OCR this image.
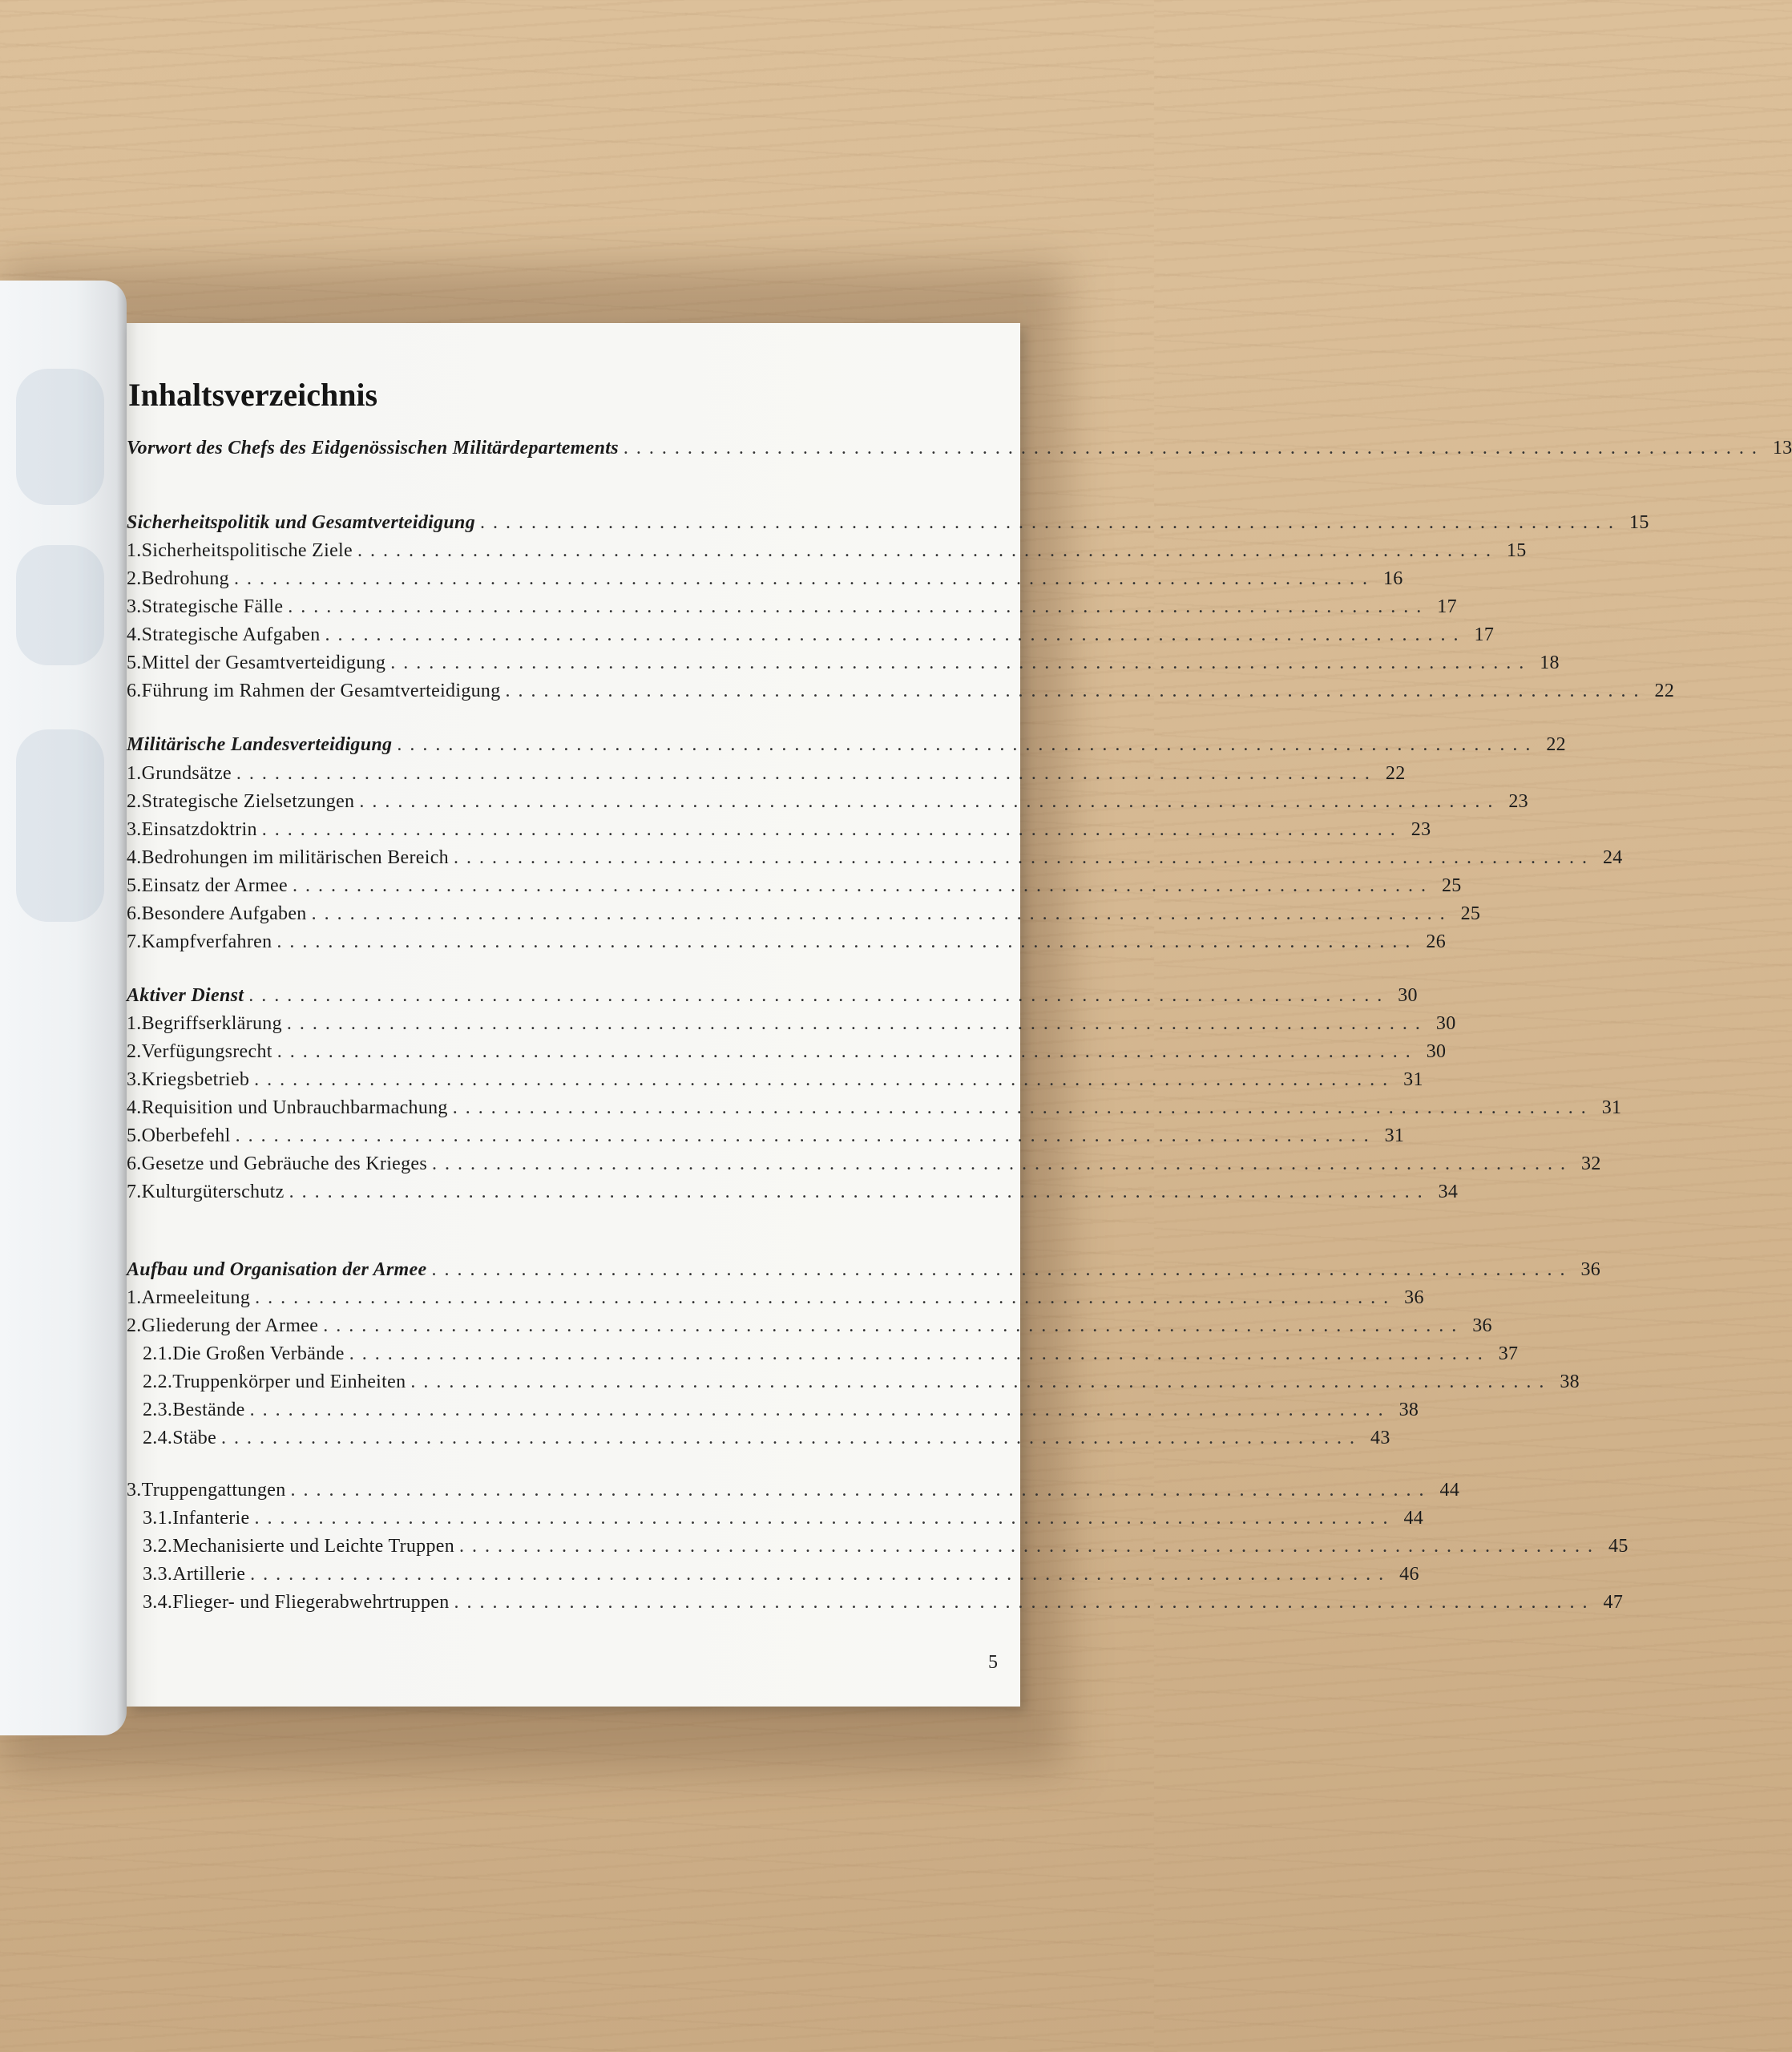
Inhaltsverzeichnis
Vorwort des Chefs des Eidgenössischen Militärdepartements . . . . . . . . . . . . . . . . . . . . . . . . . . . . . . . . . . . . . . . . . . . . . . . . . . . . . . . . . . . . . . . . . . . . . . . . . . . . . . . . . . . . . . . . . 13
Sicherheitspolitik und Gesamtverteidigung . . . . . . . . . . . . . . . . . . . . . . . . . . . . . . . . . . . . . . . . . . . . . . . . . . . . . . . . . . . . . . . . . . . . . . . . . . . . . . . . . . . . . . . . . 15
1. Sicherheitspolitische Ziele . . . . . . . . . . . . . . . . . . . . . . . . . . . . . . . . . . . . . . . . . . . . . . . . . . . . . . . . . . . . . . . . . . . . . . . . . . . . . . . . . . . . . . . . . 15
2. Bedrohung . . . . . . . . . . . . . . . . . . . . . . . . . . . . . . . . . . . . . . . . . . . . . . . . . . . . . . . . . . . . . . . . . . . . . . . . . . . . . . . . . . . . . . . . . 16
3. Strategische Fälle . . . . . . . . . . . . . . . . . . . . . . . . . . . . . . . . . . . . . . . . . . . . . . . . . . . . . . . . . . . . . . . . . . . . . . . . . . . . . . . . . . . . . . . . . 17
4. Strategische Aufgaben . . . . . . . . . . . . . . . . . . . . . . . . . . . . . . . . . . . . . . . . . . . . . . . . . . . . . . . . . . . . . . . . . . . . . . . . . . . . . . . . . . . . . . . . . 17
5. Mittel der Gesamtverteidigung . . . . . . . . . . . . . . . . . . . . . . . . . . . . . . . . . . . . . . . . . . . . . . . . . . . . . . . . . . . . . . . . . . . . . . . . . . . . . . . . . . . . . . . . . 18
6. Führung im Rahmen der Gesamtverteidigung . . . . . . . . . . . . . . . . . . . . . . . . . . . . . . . . . . . . . . . . . . . . . . . . . . . . . . . . . . . . . . . . . . . . . . . . . . . . . . . . . . . . . . . . . 22
Militärische Landesverteidigung . . . . . . . . . . . . . . . . . . . . . . . . . . . . . . . . . . . . . . . . . . . . . . . . . . . . . . . . . . . . . . . . . . . . . . . . . . . . . . . . . . . . . . . . . 22
1. Grundsätze . . . . . . . . . . . . . . . . . . . . . . . . . . . . . . . . . . . . . . . . . . . . . . . . . . . . . . . . . . . . . . . . . . . . . . . . . . . . . . . . . . . . . . . . . 22
2. Strategische Zielsetzungen . . . . . . . . . . . . . . . . . . . . . . . . . . . . . . . . . . . . . . . . . . . . . . . . . . . . . . . . . . . . . . . . . . . . . . . . . . . . . . . . . . . . . . . . . 23
3. Einsatzdoktrin . . . . . . . . . . . . . . . . . . . . . . . . . . . . . . . . . . . . . . . . . . . . . . . . . . . . . . . . . . . . . . . . . . . . . . . . . . . . . . . . . . . . . . . . . 23
4. Bedrohungen im militärischen Bereich . . . . . . . . . . . . . . . . . . . . . . . . . . . . . . . . . . . . . . . . . . . . . . . . . . . . . . . . . . . . . . . . . . . . . . . . . . . . . . . . . . . . . . . . . 24
5. Einsatz der Armee . . . . . . . . . . . . . . . . . . . . . . . . . . . . . . . . . . . . . . . . . . . . . . . . . . . . . . . . . . . . . . . . . . . . . . . . . . . . . . . . . . . . . . . . . 25
6. Besondere Aufgaben . . . . . . . . . . . . . . . . . . . . . . . . . . . . . . . . . . . . . . . . . . . . . . . . . . . . . . . . . . . . . . . . . . . . . . . . . . . . . . . . . . . . . . . . . 25
7. Kampfverfahren . . . . . . . . . . . . . . . . . . . . . . . . . . . . . . . . . . . . . . . . . . . . . . . . . . . . . . . . . . . . . . . . . . . . . . . . . . . . . . . . . . . . . . . . . 26
Aktiver Dienst . . . . . . . . . . . . . . . . . . . . . . . . . . . . . . . . . . . . . . . . . . . . . . . . . . . . . . . . . . . . . . . . . . . . . . . . . . . . . . . . . . . . . . . . . 30
1. Begriffserklärung . . . . . . . . . . . . . . . . . . . . . . . . . . . . . . . . . . . . . . . . . . . . . . . . . . . . . . . . . . . . . . . . . . . . . . . . . . . . . . . . . . . . . . . . . 30
2. Verfügungsrecht . . . . . . . . . . . . . . . . . . . . . . . . . . . . . . . . . . . . . . . . . . . . . . . . . . . . . . . . . . . . . . . . . . . . . . . . . . . . . . . . . . . . . . . . . 30
3. Kriegsbetrieb . . . . . . . . . . . . . . . . . . . . . . . . . . . . . . . . . . . . . . . . . . . . . . . . . . . . . . . . . . . . . . . . . . . . . . . . . . . . . . . . . . . . . . . . . 31
4. Requisition und Unbrauchbarmachung . . . . . . . . . . . . . . . . . . . . . . . . . . . . . . . . . . . . . . . . . . . . . . . . . . . . . . . . . . . . . . . . . . . . . . . . . . . . . . . . . . . . . . . . . 31
5. Oberbefehl . . . . . . . . . . . . . . . . . . . . . . . . . . . . . . . . . . . . . . . . . . . . . . . . . . . . . . . . . . . . . . . . . . . . . . . . . . . . . . . . . . . . . . . . . 31
6. Gesetze und Gebräuche des Krieges . . . . . . . . . . . . . . . . . . . . . . . . . . . . . . . . . . . . . . . . . . . . . . . . . . . . . . . . . . . . . . . . . . . . . . . . . . . . . . . . . . . . . . . . . 32
7. Kulturgüterschutz . . . . . . . . . . . . . . . . . . . . . . . . . . . . . . . . . . . . . . . . . . . . . . . . . . . . . . . . . . . . . . . . . . . . . . . . . . . . . . . . . . . . . . . . . 34
Aufbau und Organisation der Armee . . . . . . . . . . . . . . . . . . . . . . . . . . . . . . . . . . . . . . . . . . . . . . . . . . . . . . . . . . . . . . . . . . . . . . . . . . . . . . . . . . . . . . . . . 36
1. Armeeleitung . . . . . . . . . . . . . . . . . . . . . . . . . . . . . . . . . . . . . . . . . . . . . . . . . . . . . . . . . . . . . . . . . . . . . . . . . . . . . . . . . . . . . . . . . 36
2. Gliederung der Armee . . . . . . . . . . . . . . . . . . . . . . . . . . . . . . . . . . . . . . . . . . . . . . . . . . . . . . . . . . . . . . . . . . . . . . . . . . . . . . . . . . . . . . . . . 36
2.1. Die Großen Verbände . . . . . . . . . . . . . . . . . . . . . . . . . . . . . . . . . . . . . . . . . . . . . . . . . . . . . . . . . . . . . . . . . . . . . . . . . . . . . . . . . . . . . . . . . 37
2.2. Truppenkörper und Einheiten . . . . . . . . . . . . . . . . . . . . . . . . . . . . . . . . . . . . . . . . . . . . . . . . . . . . . . . . . . . . . . . . . . . . . . . . . . . . . . . . . . . . . . . . . 38
2.3. Bestände . . . . . . . . . . . . . . . . . . . . . . . . . . . . . . . . . . . . . . . . . . . . . . . . . . . . . . . . . . . . . . . . . . . . . . . . . . . . . . . . . . . . . . . . . 38
2.4. Stäbe . . . . . . . . . . . . . . . . . . . . . . . . . . . . . . . . . . . . . . . . . . . . . . . . . . . . . . . . . . . . . . . . . . . . . . . . . . . . . . . . . . . . . . . . . 43
3. Truppengattungen . . . . . . . . . . . . . . . . . . . . . . . . . . . . . . . . . . . . . . . . . . . . . . . . . . . . . . . . . . . . . . . . . . . . . . . . . . . . . . . . . . . . . . . . . 44
3.1. Infanterie . . . . . . . . . . . . . . . . . . . . . . . . . . . . . . . . . . . . . . . . . . . . . . . . . . . . . . . . . . . . . . . . . . . . . . . . . . . . . . . . . . . . . . . . . 44
3.2. Mechanisierte und Leichte Truppen . . . . . . . . . . . . . . . . . . . . . . . . . . . . . . . . . . . . . . . . . . . . . . . . . . . . . . . . . . . . . . . . . . . . . . . . . . . . . . . . . . . . . . . . . 45
3.3. Artillerie . . . . . . . . . . . . . . . . . . . . . . . . . . . . . . . . . . . . . . . . . . . . . . . . . . . . . . . . . . . . . . . . . . . . . . . . . . . . . . . . . . . . . . . . . 46
3.4. Flieger- und Fliegerabwehrtruppen . . . . . . . . . . . . . . . . . . . . . . . . . . . . . . . . . . . . . . . . . . . . . . . . . . . . . . . . . . . . . . . . . . . . . . . . . . . . . . . . . . . . . . . . . 47
5
